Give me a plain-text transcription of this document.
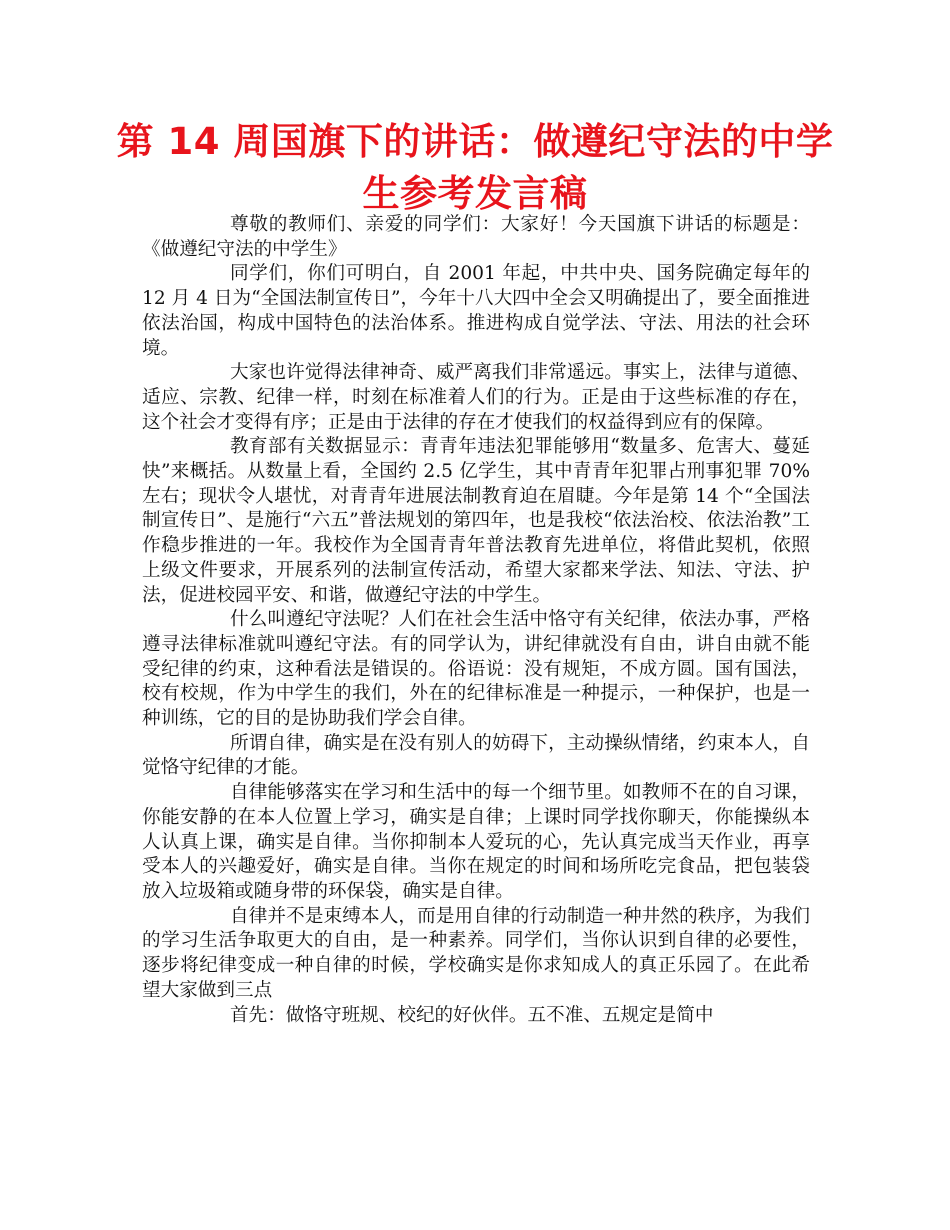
第 14 周国旗下的讲话：做遵纪守法的中学生参考发言稿

尊敬的教师们、亲爱的同学们：大家好！今天国旗下讲话的标题是：《做遵纪守法的中学生》

同学们，你们可明白，自 2001 年起，中共中央、国务院确定每年的 12 月 4 日为“全国法制宣传日”，今年十八大四中全会又明确提出了，要全面推进依法治国，构成中国特色的法治体系。推进构成自觉学法、守法、用法的社会环境。

大家也许觉得法律神奇、威严离我们非常遥远。事实上，法律与道德、适应、宗教、纪律一样，时刻在标准着人们的行为。正是由于这些标准的存在，这个社会才变得有序；正是由于法律的存在才使我们的权益得到应有的保障。

教育部有关数据显示：青青年违法犯罪能够用“数量多、危害大、蔓延快”来概括。从数量上看，全国约 2.5 亿学生，其中青青年犯罪占刑事犯罪 70%左右；现状令人堪忧，对青青年进展法制教育迫在眉睫。今年是第 14 个“全国法制宣传日”、是施行“六五”普法规划的第四年，也是我校“依法治校、依法治教”工作稳步推进的一年。我校作为全国青青年普法教育先进单位，将借此契机，依照上级文件要求，开展系列的法制宣传活动，希望大家都来学法、知法、守法、护法，促进校园平安、和谐，做遵纪守法的中学生。

什么叫遵纪守法呢？人们在社会生活中恪守有关纪律，依法办事，严格遵寻法律标准就叫遵纪守法。有的同学认为，讲纪律就没有自由，讲自由就不能受纪律的约束，这种看法是错误的。俗语说：没有规矩，不成方圆。国有国法，校有校规，作为中学生的我们，外在的纪律标准是一种提示，一种保护，也是一种训练，它的目的是协助我们学会自律。

所谓自律，确实是在没有别人的妨碍下，主动操纵情绪，约束本人，自觉恪守纪律的才能。

自律能够落实在学习和生活中的每一个细节里。如教师不在的自习课，你能安静的在本人位置上学习，确实是自律；上课时同学找你聊天，你能操纵本人认真上课，确实是自律。当你抑制本人爱玩的心，先认真完成当天作业，再享受本人的兴趣爱好，确实是自律。当你在规定的时间和场所吃完食品，把包装袋放入垃圾箱或随身带的环保袋，确实是自律。

自律并不是束缚本人，而是用自律的行动制造一种井然的秩序，为我们的学习生活争取更大的自由，是一种素养。同学们，当你认识到自律的必要性，逐步将纪律变成一种自律的时候，学校确实是你求知成人的真正乐园了。在此希望大家做到三点

首先：做恪守班规、校纪的好伙伴。五不准、五规定是简中
